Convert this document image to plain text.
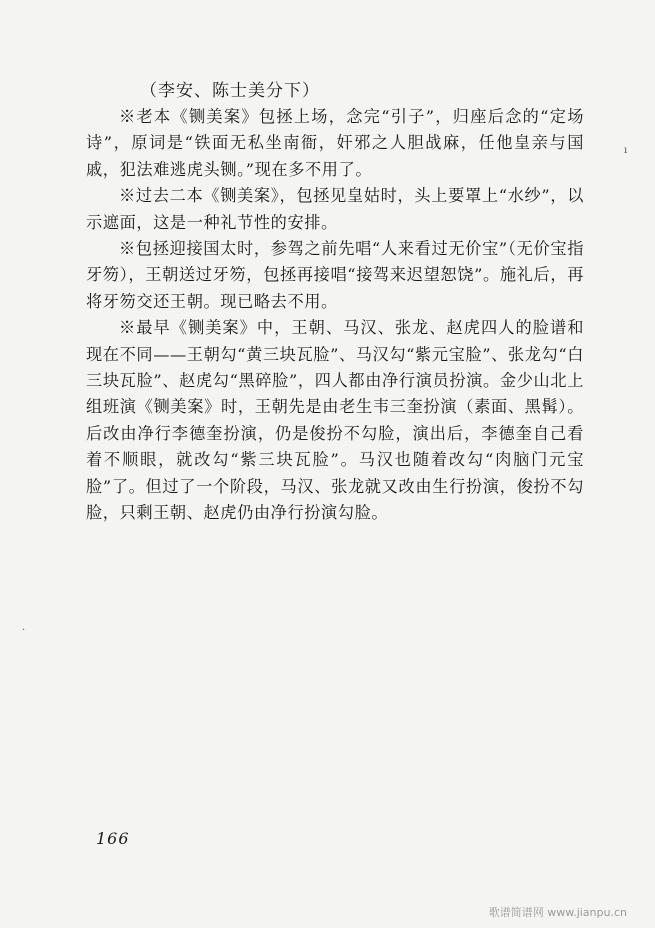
（李安、陈士美分下）

※老本《铡美案》包拯上场，念完“引子”，归座后念的“定场诗”，原词是“铁面无私坐南衙，奸邪之人胆战麻，任他皇亲与国戚，犯法难逃虎头铡。”现在多不用了。

※过去二本《铡美案》，包拯见皇姑时，头上要罩上“水纱”，以示遮面，这是一种礼节性的安排。

※包拯迎接国太时，参驾之前先唱“人来看过无价宝”（无价宝指牙笏），王朝送过牙笏，包拯再接唱“接驾来迟望恕饶”。施礼后，再将牙笏交还王朝。现已略去不用。

※最早《铡美案》中，王朝、马汉、张龙、赵虎四人的脸谱和现在不同——王朝勾“黄三块瓦脸”、马汉勾“紫元宝脸”、张龙勾“白三块瓦脸”、赵虎勾“黑碎脸”，四人都由净行演员扮演。金少山北上组班演《铡美案》时，王朝先是由老生韦三奎扮演（素面、黑髯）。后改由净行李德奎扮演，仍是俊扮不勾脸，演出后，李德奎自己看着不顺眼，就改勾“紫三块瓦脸”。马汉也随着改勾“肉脑门元宝脸”了。但过了一个阶段，马汉、张龙就又改由生行扮演，俊扮不勾脸，只剩王朝、赵虎仍由净行扮演勾脸。

ı
·

166

歌谱简谱网 www.jianpu.cn
